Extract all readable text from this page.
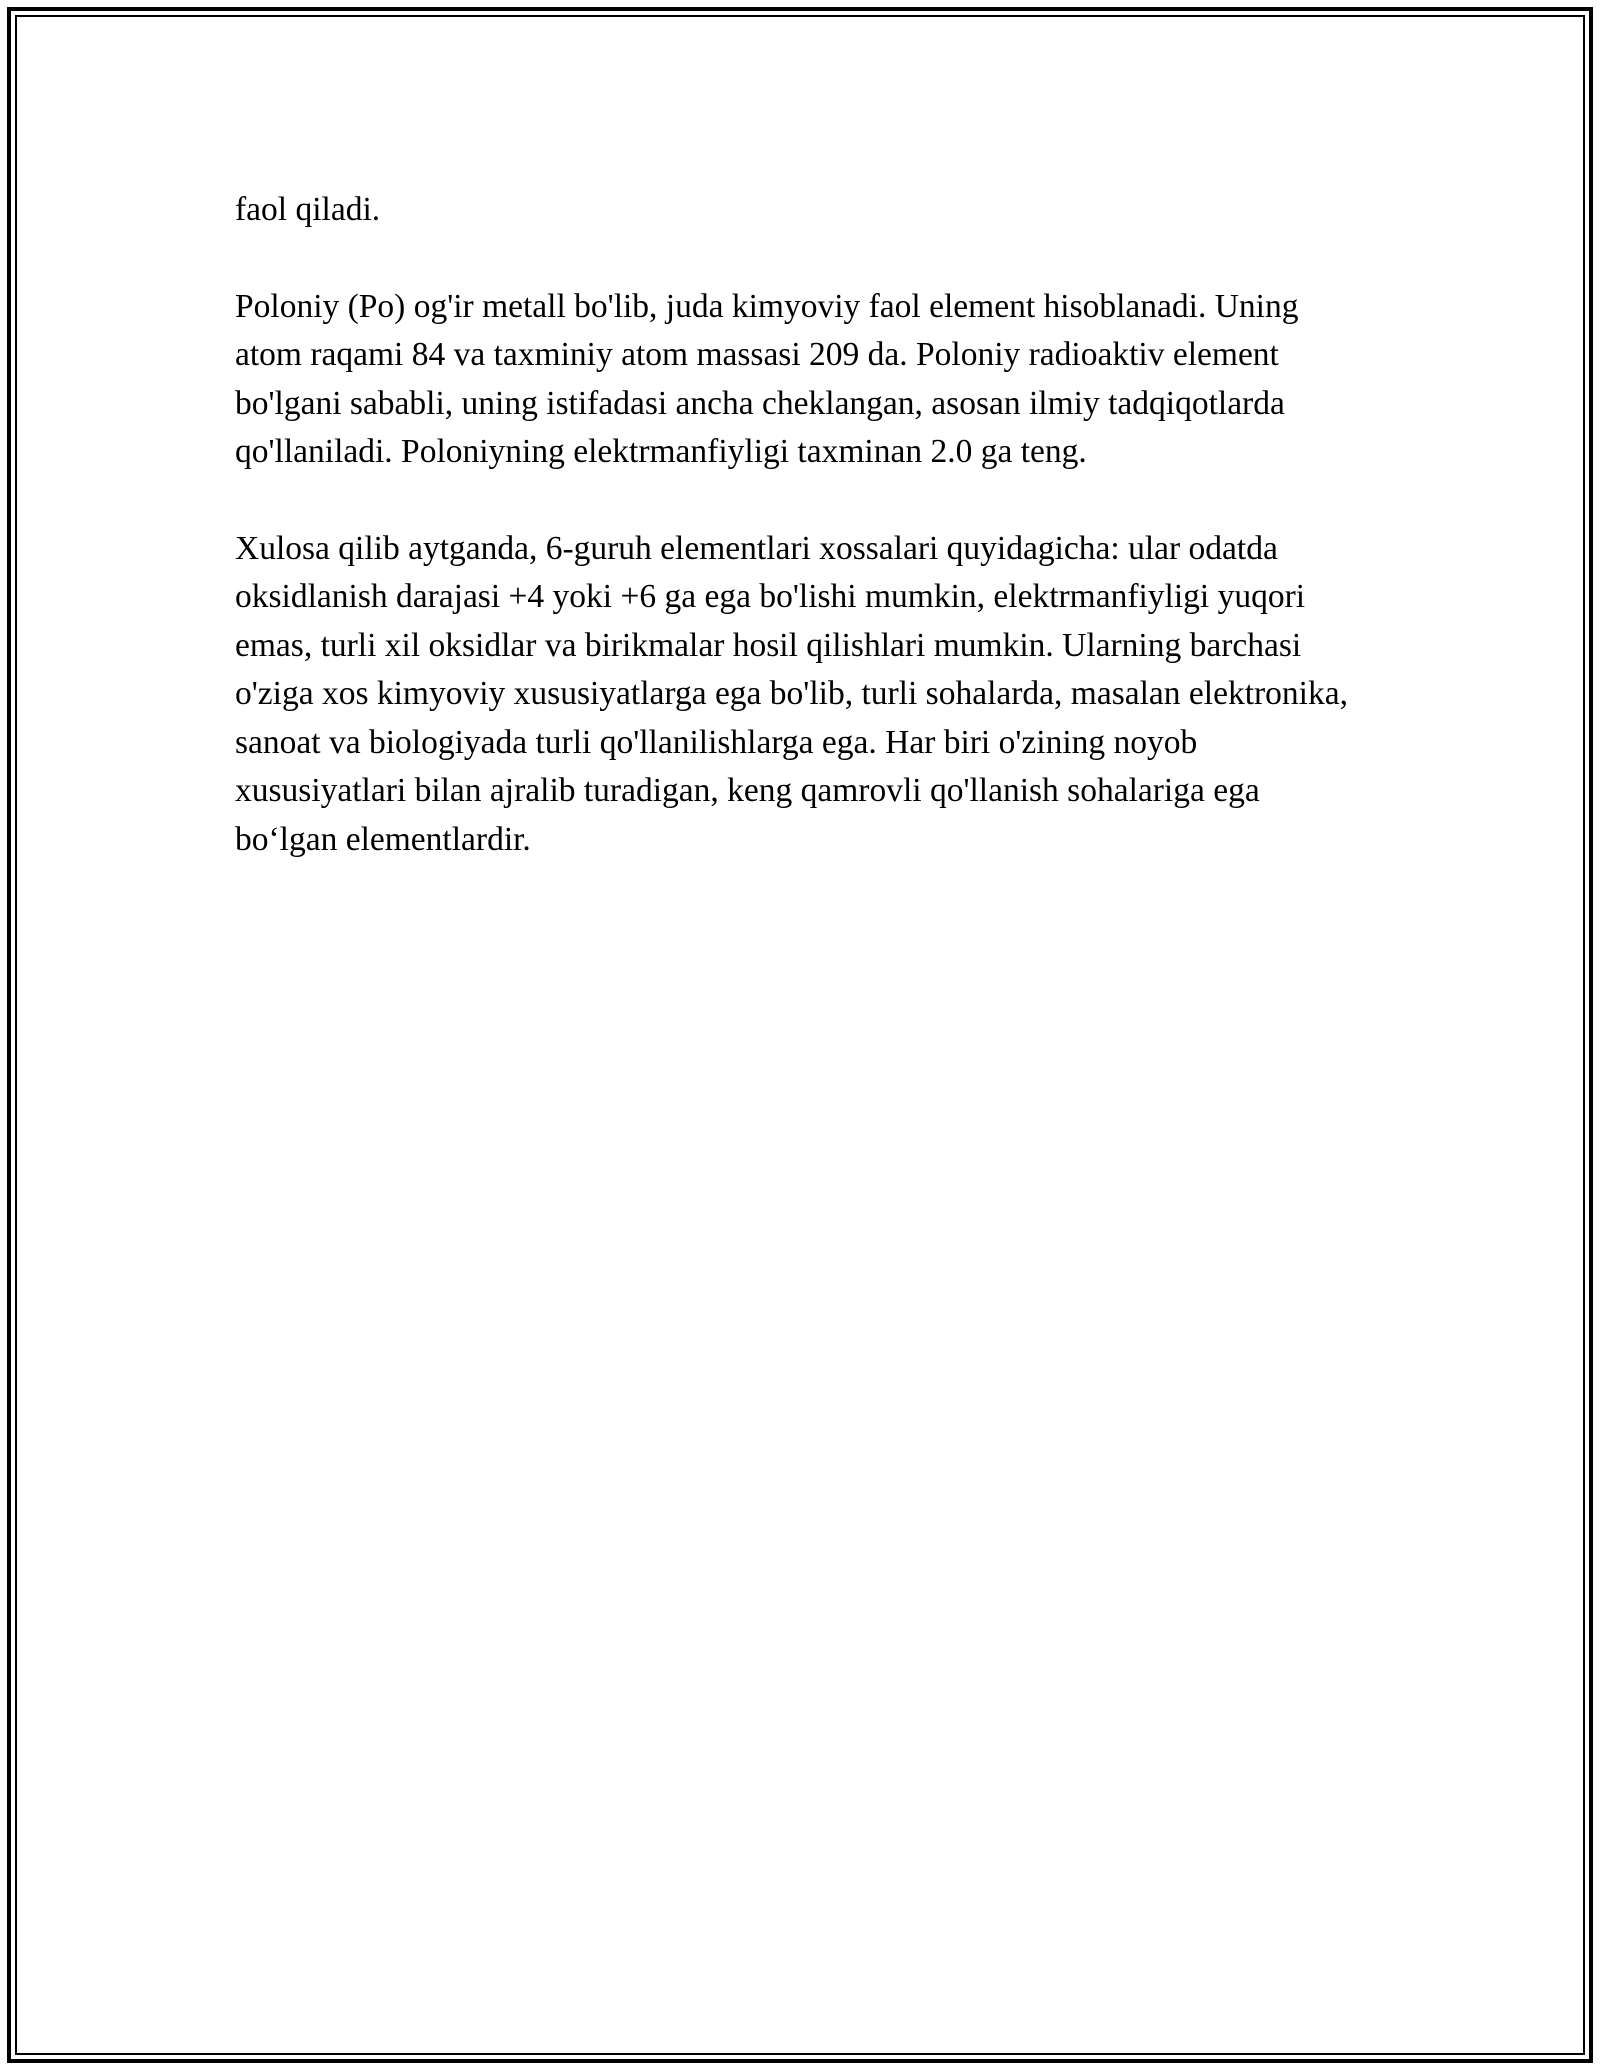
faol qiladi.

Poloniy (Po) og'ir metall bo'lib, juda kimyoviy faol element hisoblanadi. Uning atom raqami 84 va taxminiy atom massasi 209 da. Poloniy radioaktiv element bo'lgani sababli, uning istifadasi ancha cheklangan, asosan ilmiy tadqiqotlarda qo'llaniladi. Poloniyning elektrmanfiyligi taxminan 2.0 ga teng.

Xulosa qilib aytganda, 6-guruh elementlari xossalari quyidagicha: ular odatda oksidlanish darajasi +4 yoki +6 ga ega bo'lishi mumkin, elektrmanfiyligi yuqori emas, turli xil oksidlar va birikmalar hosil qilishlari mumkin. Ularning barchasi o'ziga xos kimyoviy xususiyatlarga ega bo'lib, turli sohalarda, masalan elektronika, sanoat va biologiyada turli qo'llanilishlarga ega. Har biri o'zining noyob xususiyatlari bilan ajralib turadigan, keng qamrovli qo'llanish sohalariga ega bo‘lgan elementlardir.
